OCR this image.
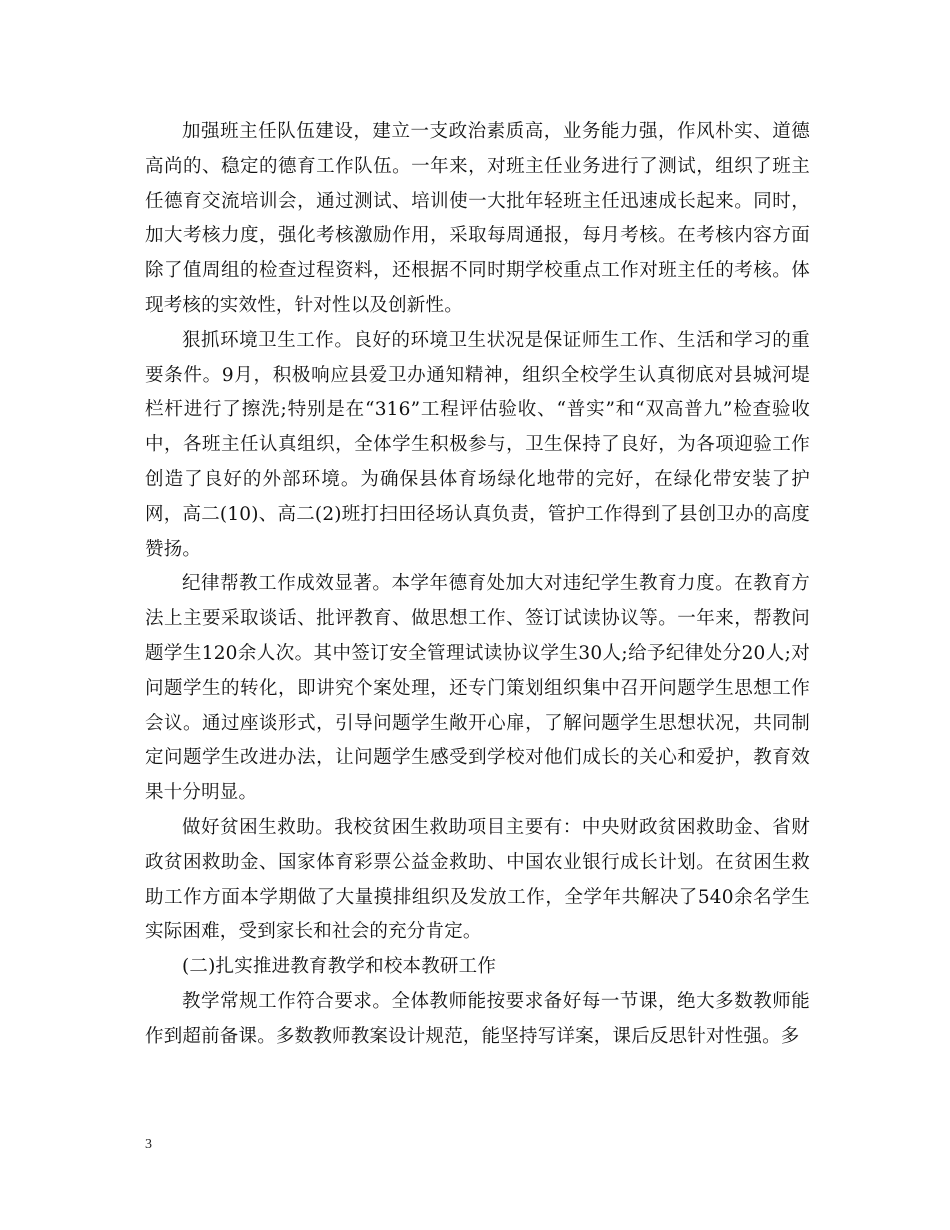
加强班主任队伍建设，建立一支政治素质高，业务能力强，作风朴实、道德高尚的、稳定的德育工作队伍。一年来，对班主任业务进行了测试，组织了班主任德育交流培训会，通过测试、培训使一大批年轻班主任迅速成长起来。同时，加大考核力度，强化考核激励作用，采取每周通报，每月考核。在考核内容方面除了值周组的检查过程资料，还根据不同时期学校重点工作对班主任的考核。体现考核的实效性，针对性以及创新性。

狠抓环境卫生工作。良好的环境卫生状况是保证师生工作、生活和学习的重要条件。9月，积极响应县爱卫办通知精神，组织全校学生认真彻底对县城河堤栏杆进行了擦洗;特别是在“316”工程评估验收、“普实”和“双高普九”检查验收中，各班主任认真组织，全体学生积极参与，卫生保持了良好，为各项迎验工作创造了良好的外部环境。为确保县体育场绿化地带的完好，在绿化带安装了护网，高二(10)、高二(2)班打扫田径场认真负责，管护工作得到了县创卫办的高度赞扬。

纪律帮教工作成效显著。本学年德育处加大对违纪学生教育力度。在教育方法上主要采取谈话、批评教育、做思想工作、签订试读协议等。一年来，帮教问题学生120余人次。其中签订安全管理试读协议学生30人;给予纪律处分20人;对问题学生的转化，即讲究个案处理，还专门策划组织集中召开问题学生思想工作会议。通过座谈形式，引导问题学生敞开心扉，了解问题学生思想状况，共同制定问题学生改进办法，让问题学生感受到学校对他们成长的关心和爱护，教育效果十分明显。

做好贫困生救助。我校贫困生救助项目主要有：中央财政贫困救助金、省财政贫困救助金、国家体育彩票公益金救助、中国农业银行成长计划。在贫困生救助工作方面本学期做了大量摸排组织及发放工作，全学年共解决了540余名学生实际困难，受到家长和社会的充分肯定。

(二)扎实推进教育教学和校本教研工作

教学常规工作符合要求。全体教师能按要求备好每一节课，绝大多数教师能作到超前备课。多数教师教案设计规范，能坚持写详案，课后反思针对性强。多

3
